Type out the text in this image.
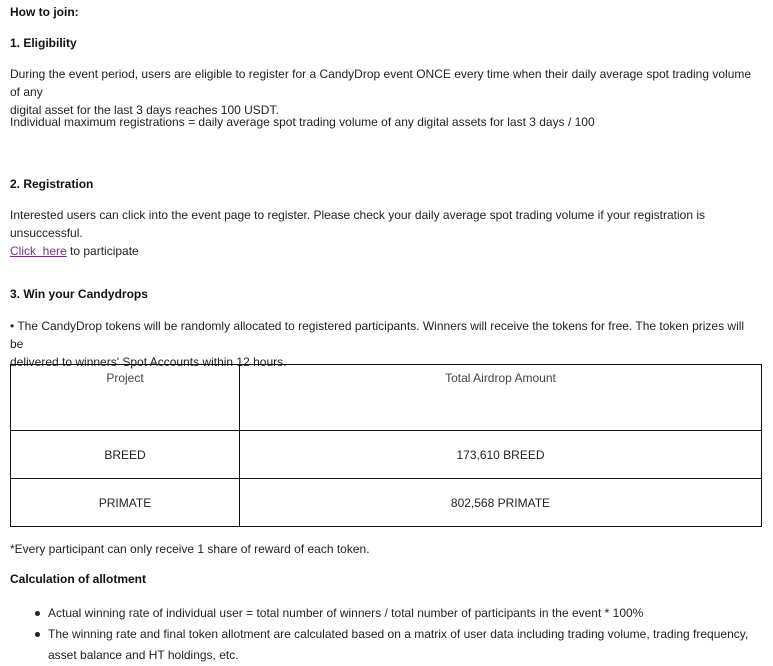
How to join:
1. Eligibility
During the event period, users are eligible to register for a CandyDrop event ONCE every time when their daily average spot trading volume of any
digital asset for the last 3 days reaches 100 USDT.
Individual maximum registrations = daily average spot trading volume of any digital assets for last 3 days / 100
2. Registration
Interested users can click into the event page to register. Please check your daily average spot trading volume if your registration is unsuccessful.
Click  here to participate
3. Win your Candydrops
• The CandyDrop tokens will be randomly allocated to registered participants. Winners will receive the tokens for free. The token prizes will be
delivered to winners' Spot Accounts within 12 hours.
Project	Total Airdrop Amount
BREED	173,610 BREED
PRIMATE	802,568 PRIMATE
*Every participant can only receive 1 share of reward of each token.
Calculation of allotment
Actual winning rate of individual user = total number of winners / total number of participants in the event * 100%
The winning rate and final token allotment are calculated based on a matrix of user data including trading volume, trading frequency, asset balance and HT holdings, etc.
